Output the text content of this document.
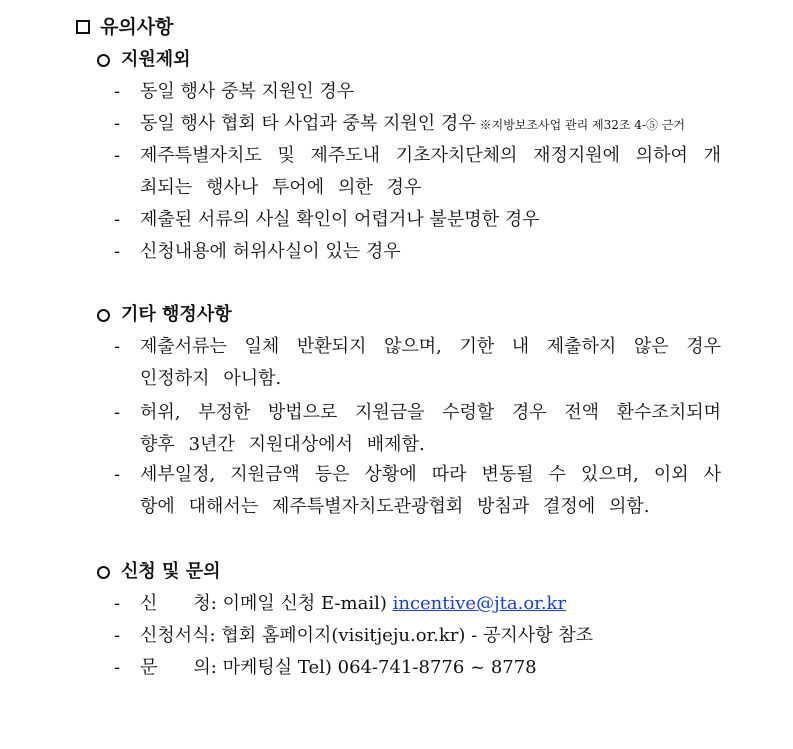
유의사항
지원제외
-	동일 행사 중복 지원인 경우
-	동일 행사 협회 타 사업과 중복 지원인 경우 ※지방보조사업 관리 제32조 4-⑤ 근거
-	제주특별자치도 및 제주도내 기초자치단체의 재정지원에 의하여 개최되는 행사나 투어에 의한 경우
-	제출된 서류의 사실 확인이 어렵거나 불분명한 경우
-	신청내용에 허위사실이 있는 경우
기타 행정사항
-	제출서류는 일체 반환되지 않으며, 기한 내 제출하지 않은 경우 인정하지 아니함.
-	허위, 부정한 방법으로 지원금을 수령할 경우 전액 환수조치되며 향후 3년간 지원대상에서 배제함.
-	세부일정, 지원금액 등은 상황에 따라 변동될 수 있으며, 이외 사항에 대해서는 제주특별자치도관광협회 방침과 결정에 의함.
신청 및 문의
-	신　　청: 이메일 신청 E-mail) incentive@jta.or.kr
-	신청서식: 협회 홈페이지(visitjeju.or.kr) - 공지사항 참조
-	문　　의: 마케팅실 Tel) 064-741-8776 ~ 8778
